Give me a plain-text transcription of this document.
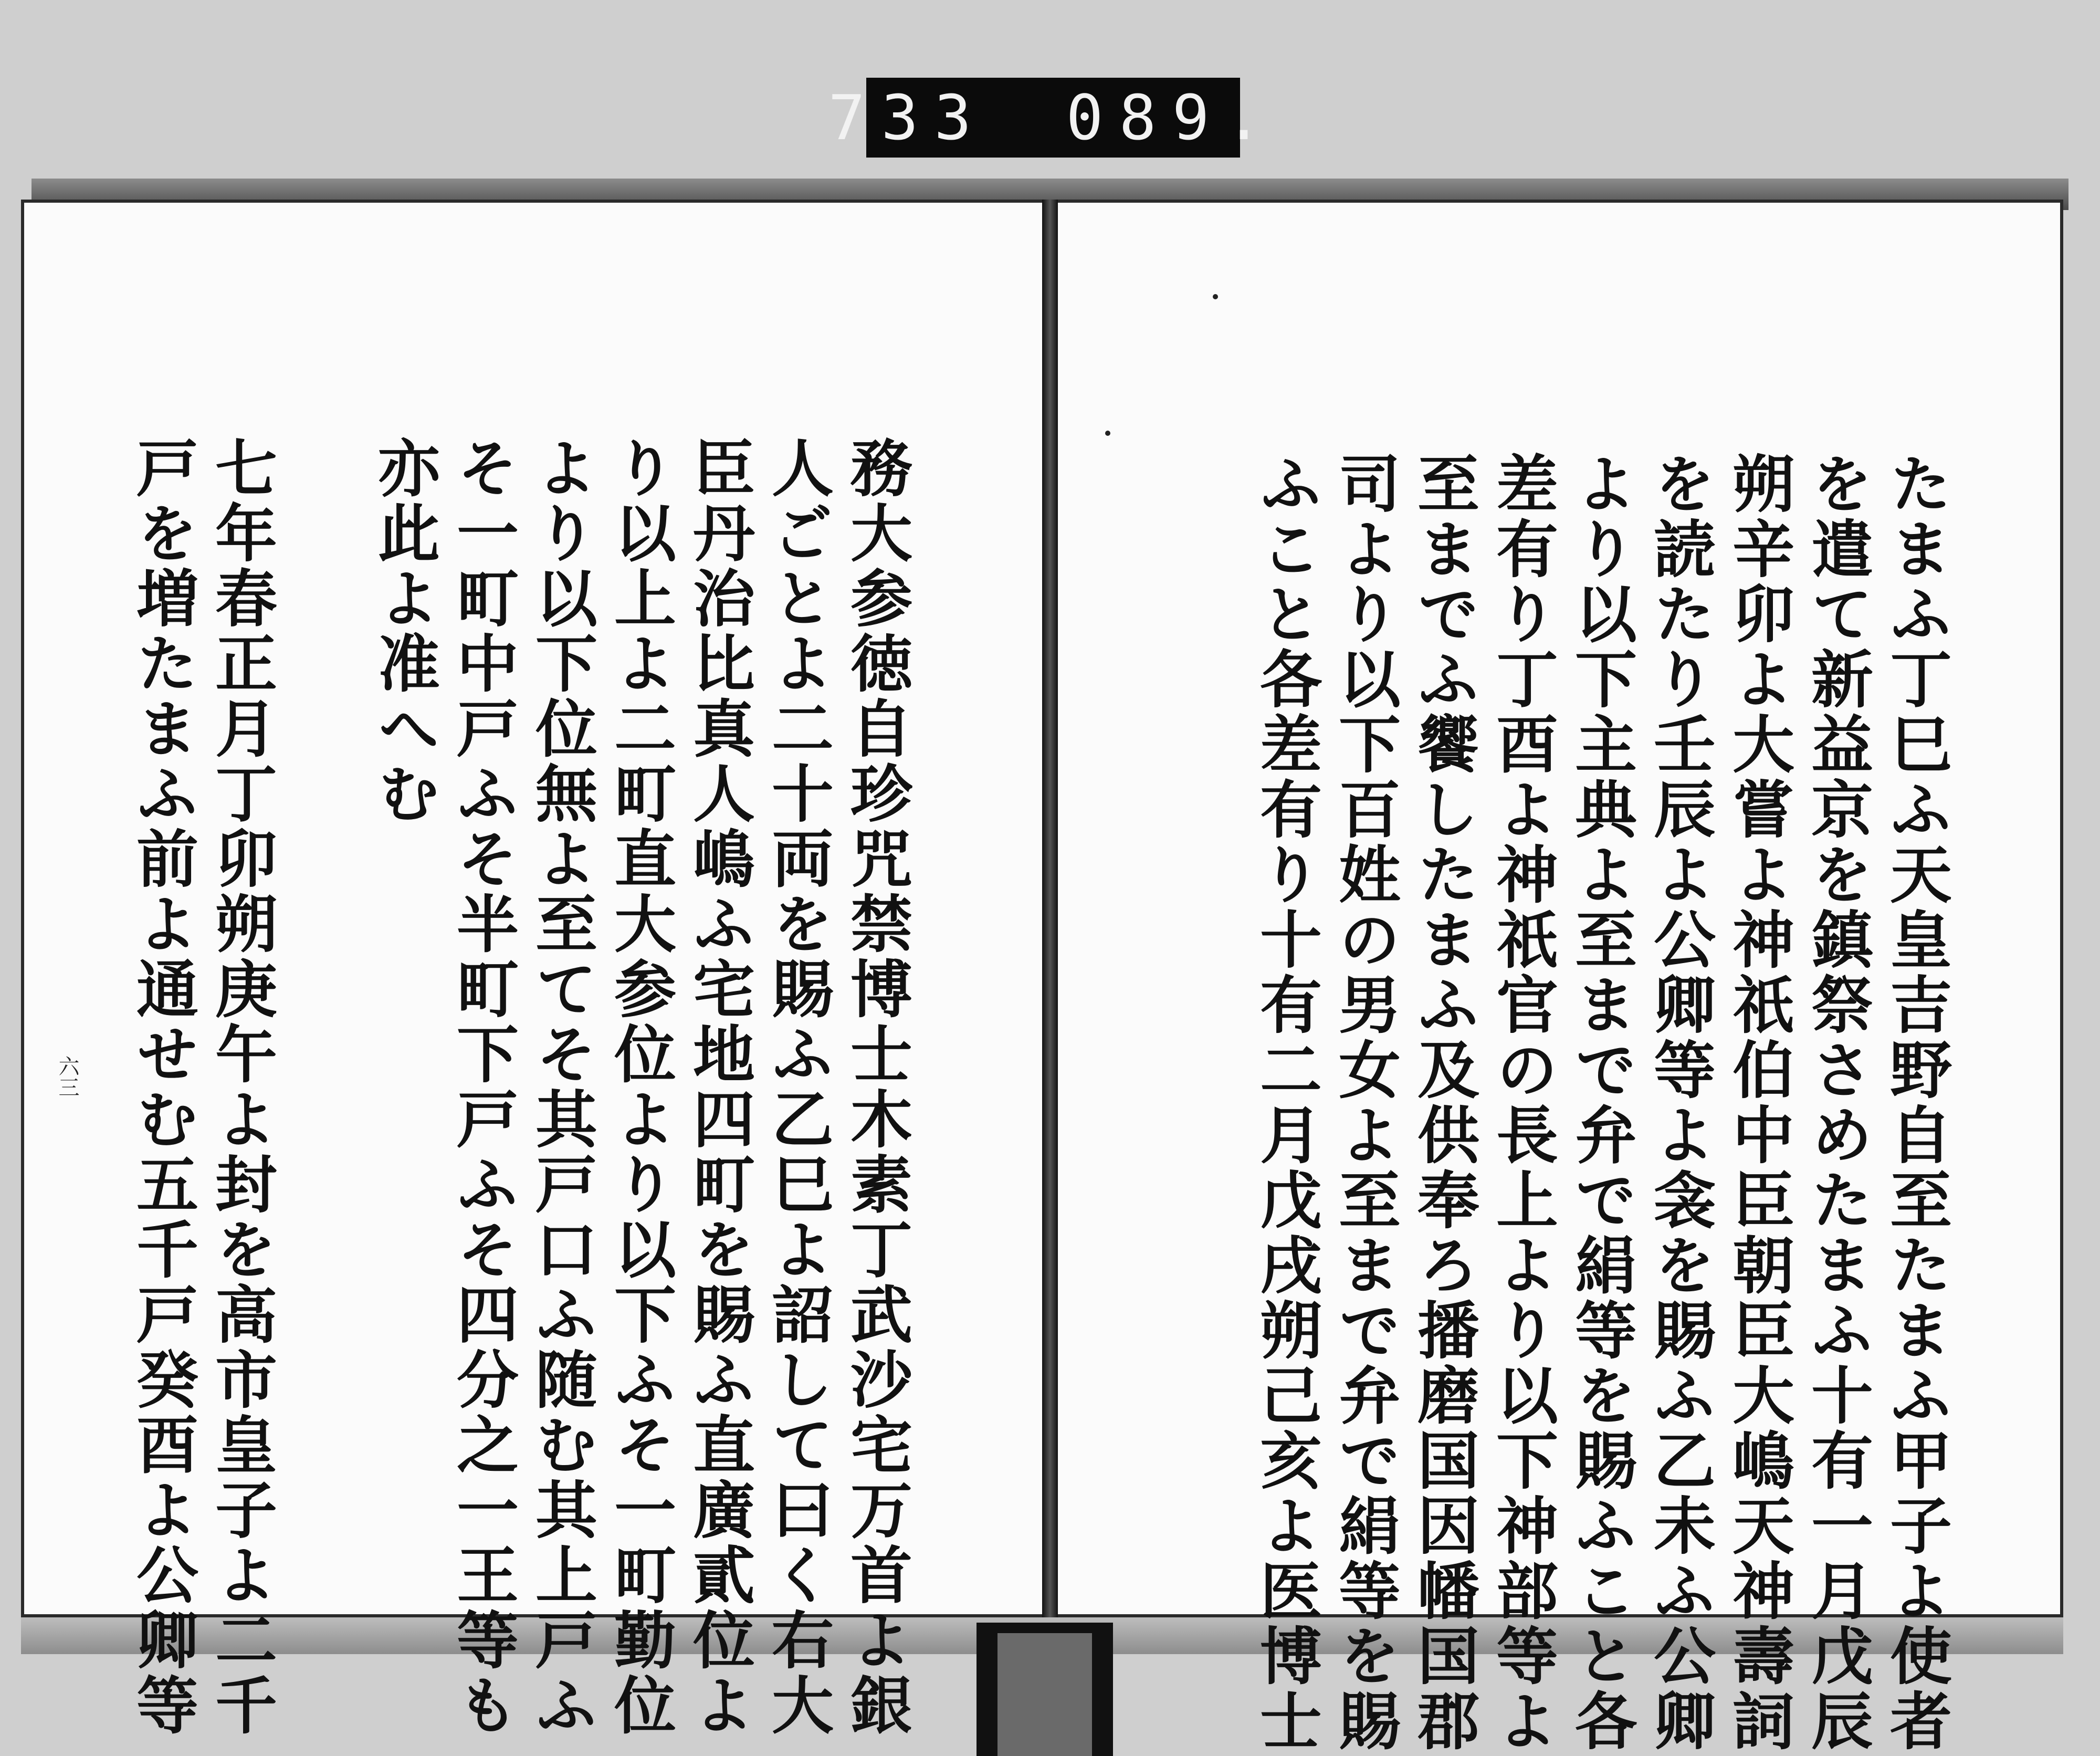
733 089.
たまふ丁巳ふ天皇吉野自至たまふ甲子よ使者
を遣て新益京を鎮祭さめたまふ十有一月戊辰
朔辛卯よ大嘗よ神祇伯中臣朝臣大嶋天神壽詞
を読たり壬辰よ公卿等よ衾を賜ふ乙未ふ公卿
より以下主典よ至まで弁で絹等を賜ふこと各
差有り丁酉よ神祇官の長上より以下神部等よ
至までふ饗したまふ及供奉ろ播磨国因幡国郡
司より以下百姓の男女よ至まで弁で絹等を賜
ふこと各差有り十有二月戊戌朔己亥よ医博士
務大参徳自珍咒禁博士木素丁武沙宅万首よ銀
人ごとよ二十両を賜ふ乙巳よ詔して曰く右大
臣丹治比真人嶋ふ宅地四町を賜ふ直廣貳位よ
り以上よ二町直大参位より以下ふそ一町勤位
より以下位無よ至てそ其戸口ふ随む其上戸ふ
そ一町中戸ふそ半町下戸ふそ四分之一王等も
亦此よ准へむ
七年春正月丁卯朔庚午よ封を高市皇子よ二千
戸を増たまふ前よ通せむ五千戸癸酉よ公卿等
六三
